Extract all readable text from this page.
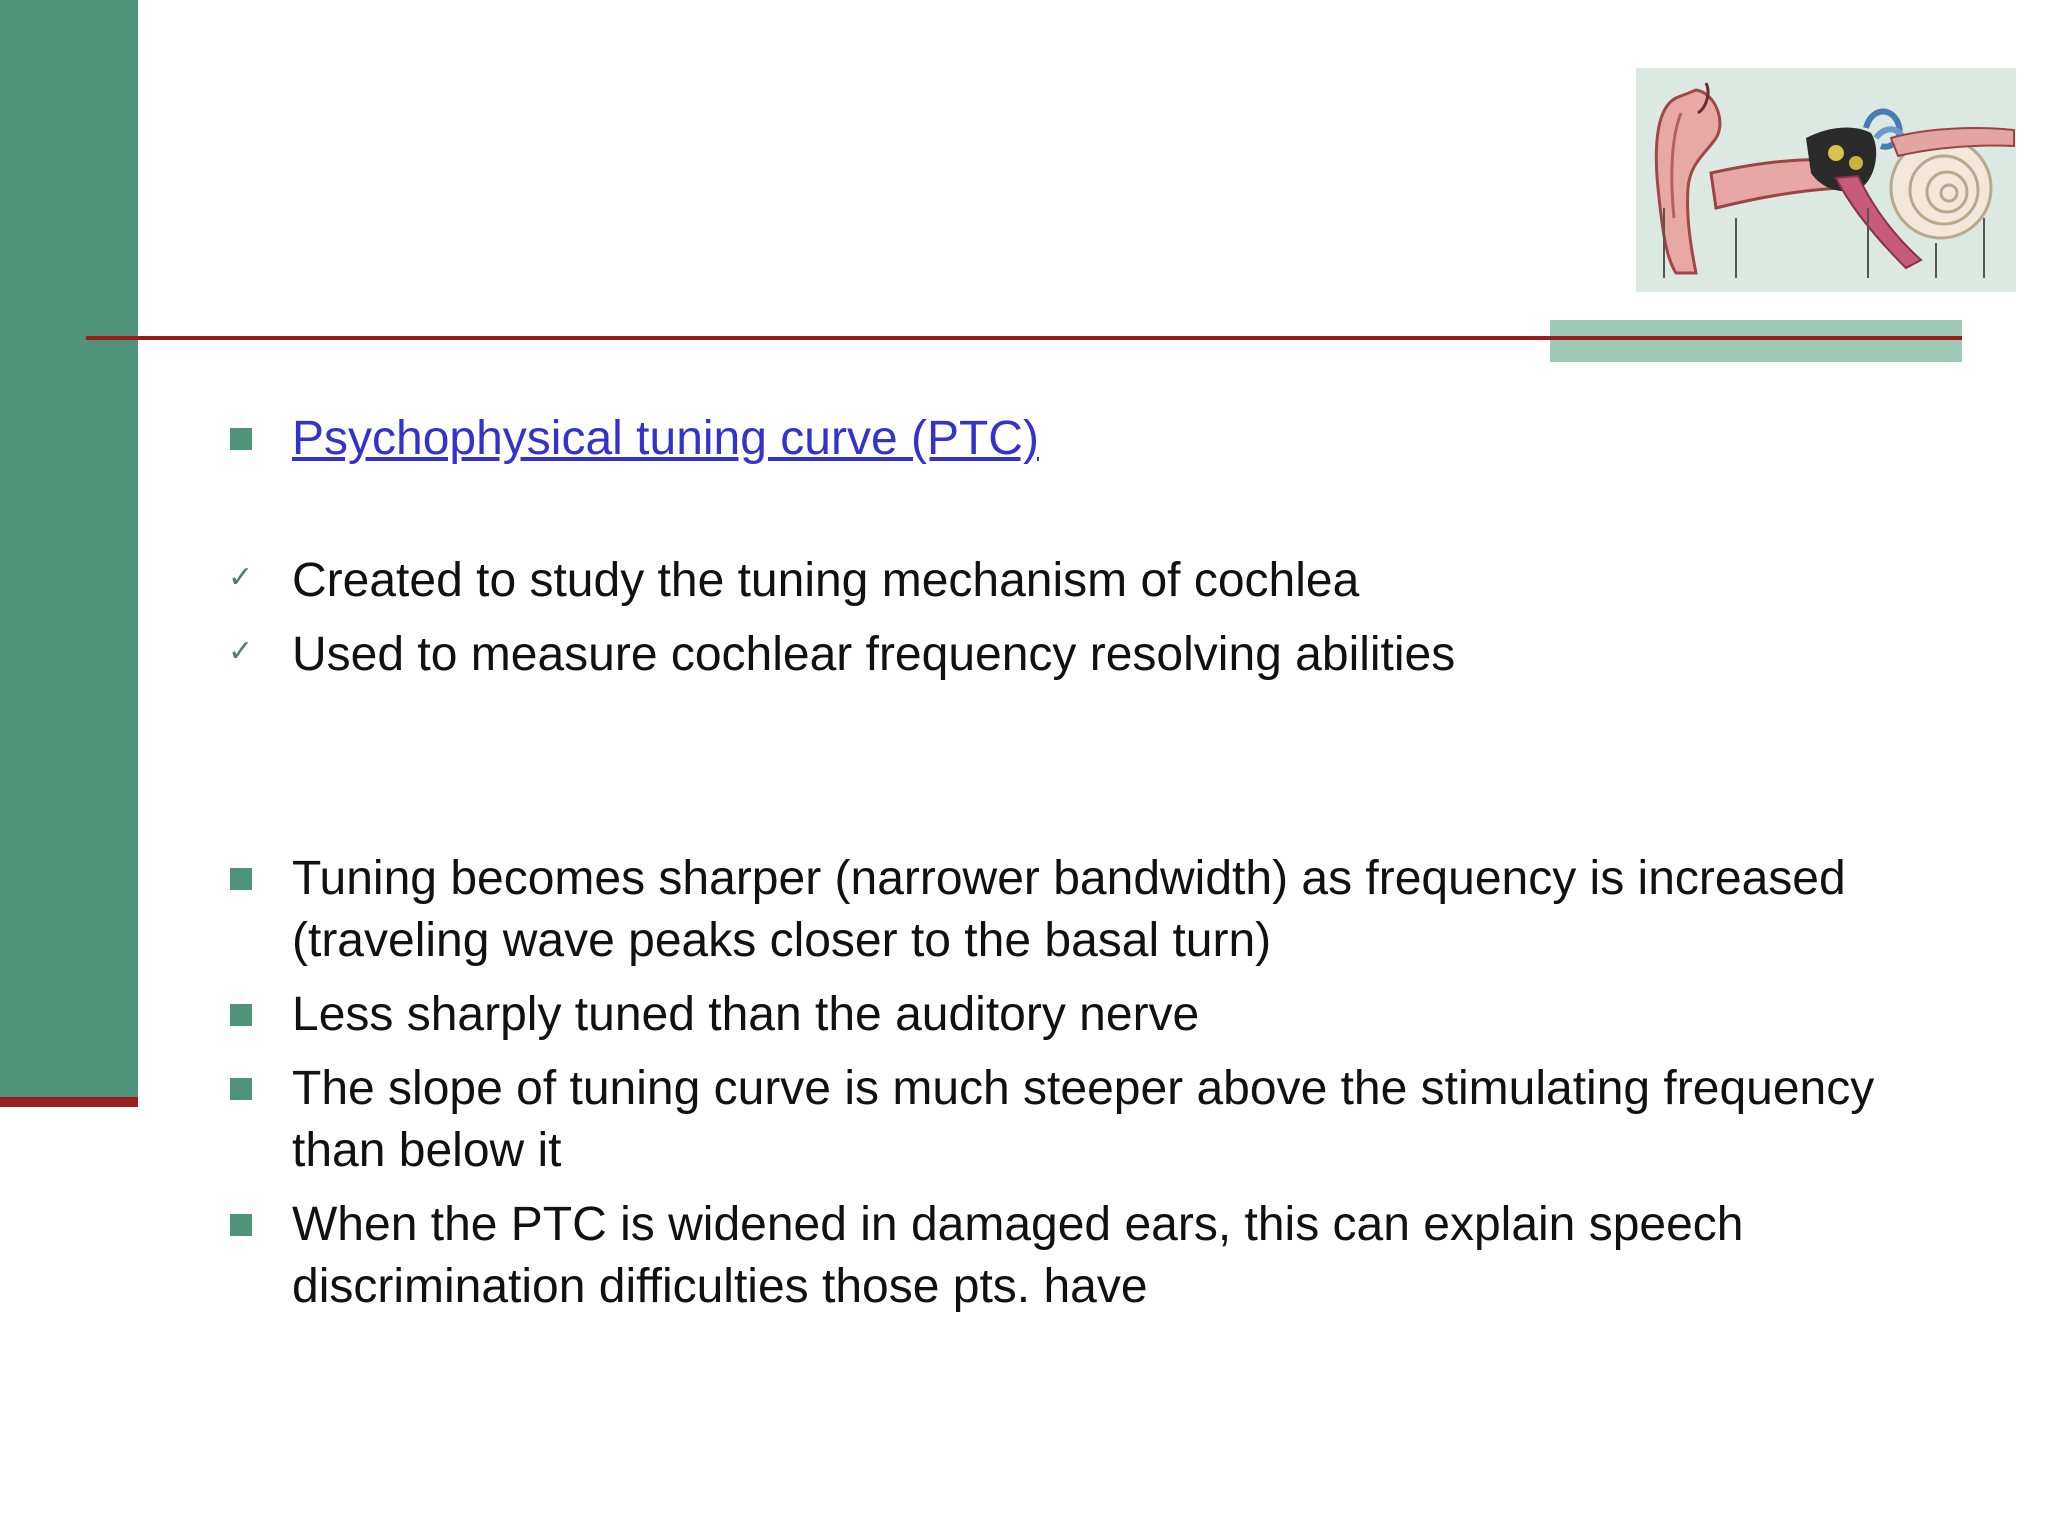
Psychophysical tuning curve (PTC)
✓ Created to study the tuning mechanism of cochlea
✓ Used to measure cochlear frequency resolving abilities
Tuning becomes sharper (narrower bandwidth) as frequency is increased (traveling wave peaks closer to the basal turn)
Less sharply tuned than the auditory nerve
The slope of tuning curve is much steeper above the stimulating frequency than below it
When the PTC is widened in damaged ears, this can explain speech discrimination difficulties those pts. have
